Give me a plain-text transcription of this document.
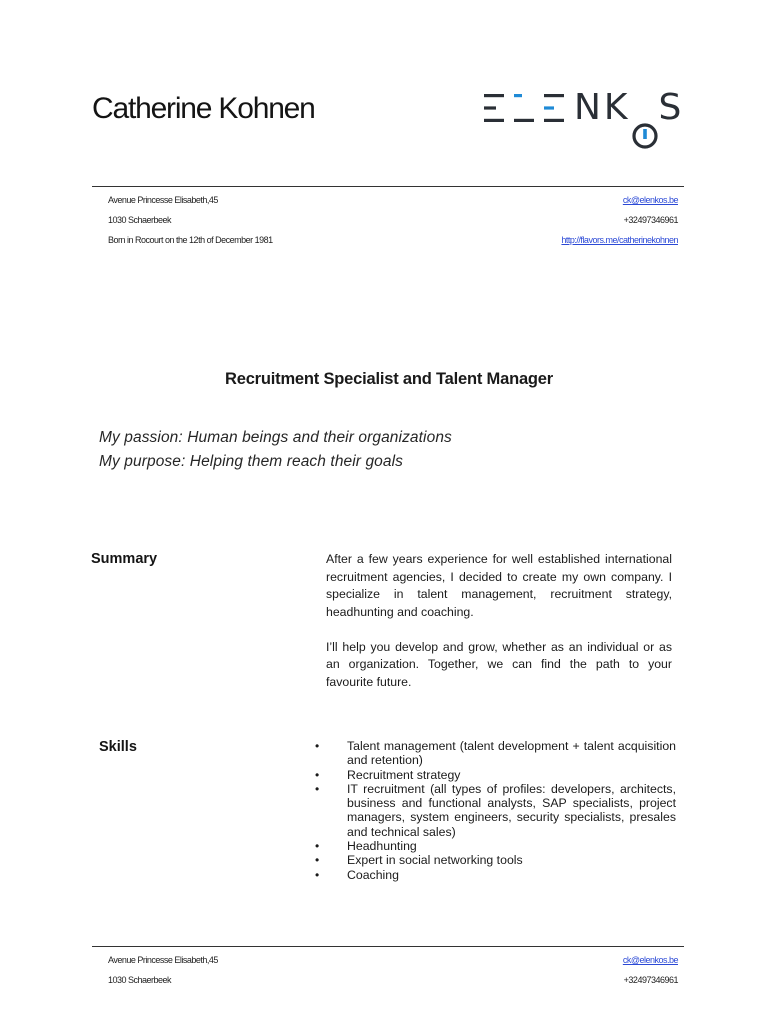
Catherine Kohnen	NK S
Avenue Princesse Elisabeth,45	ck@elenkos.be
1030 Schaerbeek	+32497346961
Born in Rocourt on the 12th of December 1981	http://flavors.me/catherinekohnen
Recruitment Specialist and Talent Manager
My passion: Human beings and their organizations
My purpose: Helping them reach their goals
Summary	After a few years experience for well established international recruitment agencies, I decided to create my own company. I specialize in talent management, recruitment strategy, headhunting and coaching.

I’ll help you develop and grow, whether as an individual or as an organization. Together, we can find the path to your favourite future.

Skills	• Talent management (talent development + talent acquisition and retention)
• Recruitment strategy
• IT recruitment (all types of profiles: developers, architects, business and functional analysts, SAP specialists, project managers, system engineers, security specialists, presales and technical sales)
• Headhunting
• Expert in social networking tools
• Coaching
Avenue Princesse Elisabeth,45	ck@elenkos.be
1030 Schaerbeek	+32497346961
